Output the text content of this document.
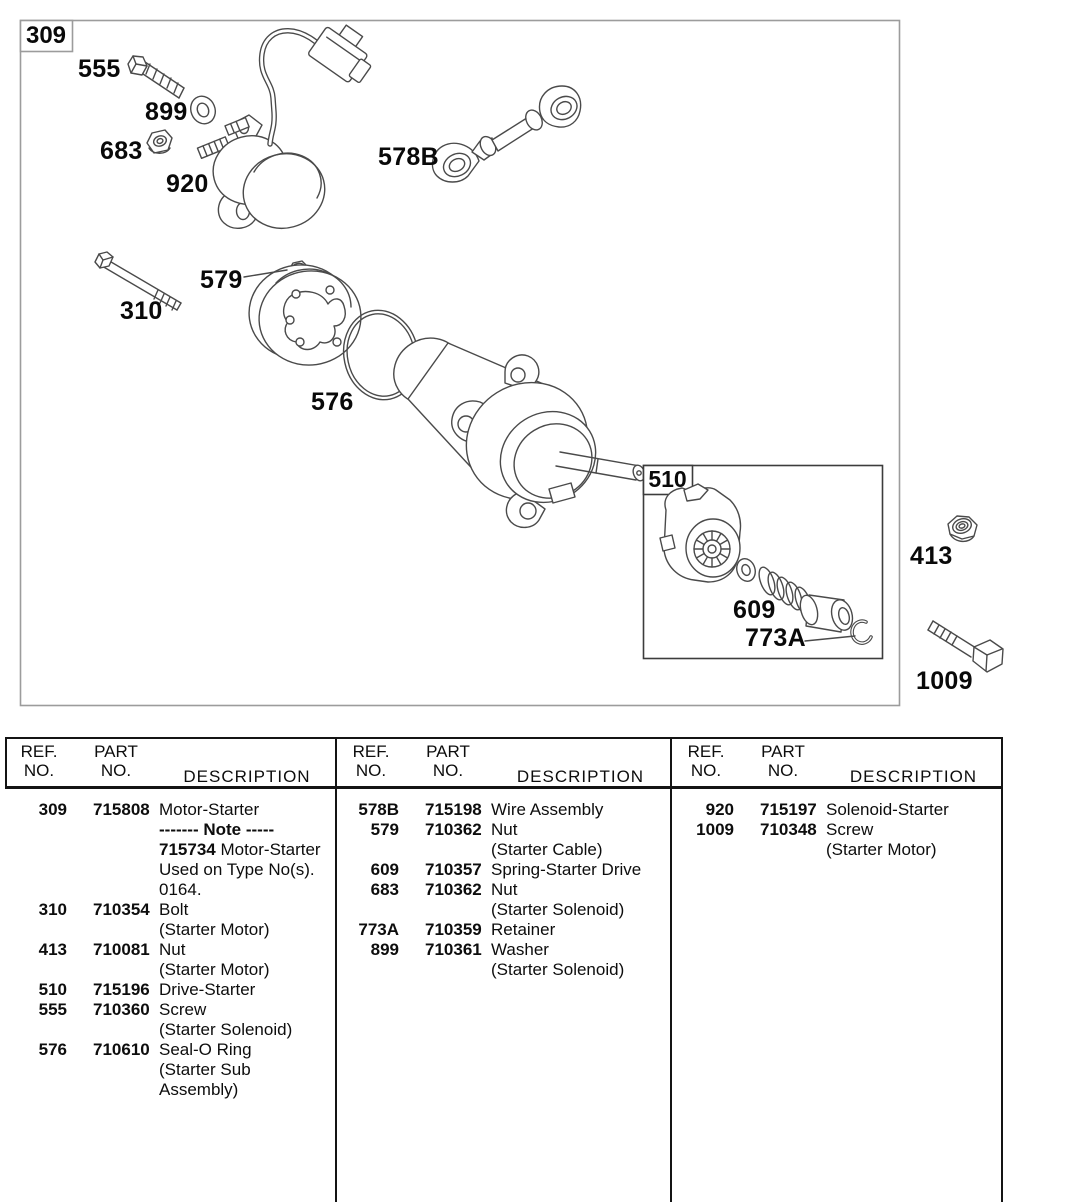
309
510
555
899
683
920
578B
579
310
576
609
773A
413
1009
REF.
NO.
PART
NO.	DESCRIPTION
309	715808 Motor-Starter
------- Note -----
715734 Motor-Starter
Used on Type No(s).
0164.
310	710354 Bolt
(Starter Motor)
413	710081 Nut
(Starter Motor)
510	715196 Drive-Starter
555	710360 Screw
(Starter Solenoid)
576	710610 Seal-O Ring
(Starter Sub
Assembly)
REF.
NO.
PART
NO.	DESCRIPTION
578B	715198 Wire Assembly
579	710362 Nut
(Starter Cable)
609	710357 Spring-Starter Drive
683	710362 Nut
(Starter Solenoid)
773A	710359 Retainer
899	710361 Washer
(Starter Solenoid)
REF.
NO.
PART
NO.	DESCRIPTION
920	715197 Solenoid-Starter
1009	710348 Screw
(Starter Motor)
